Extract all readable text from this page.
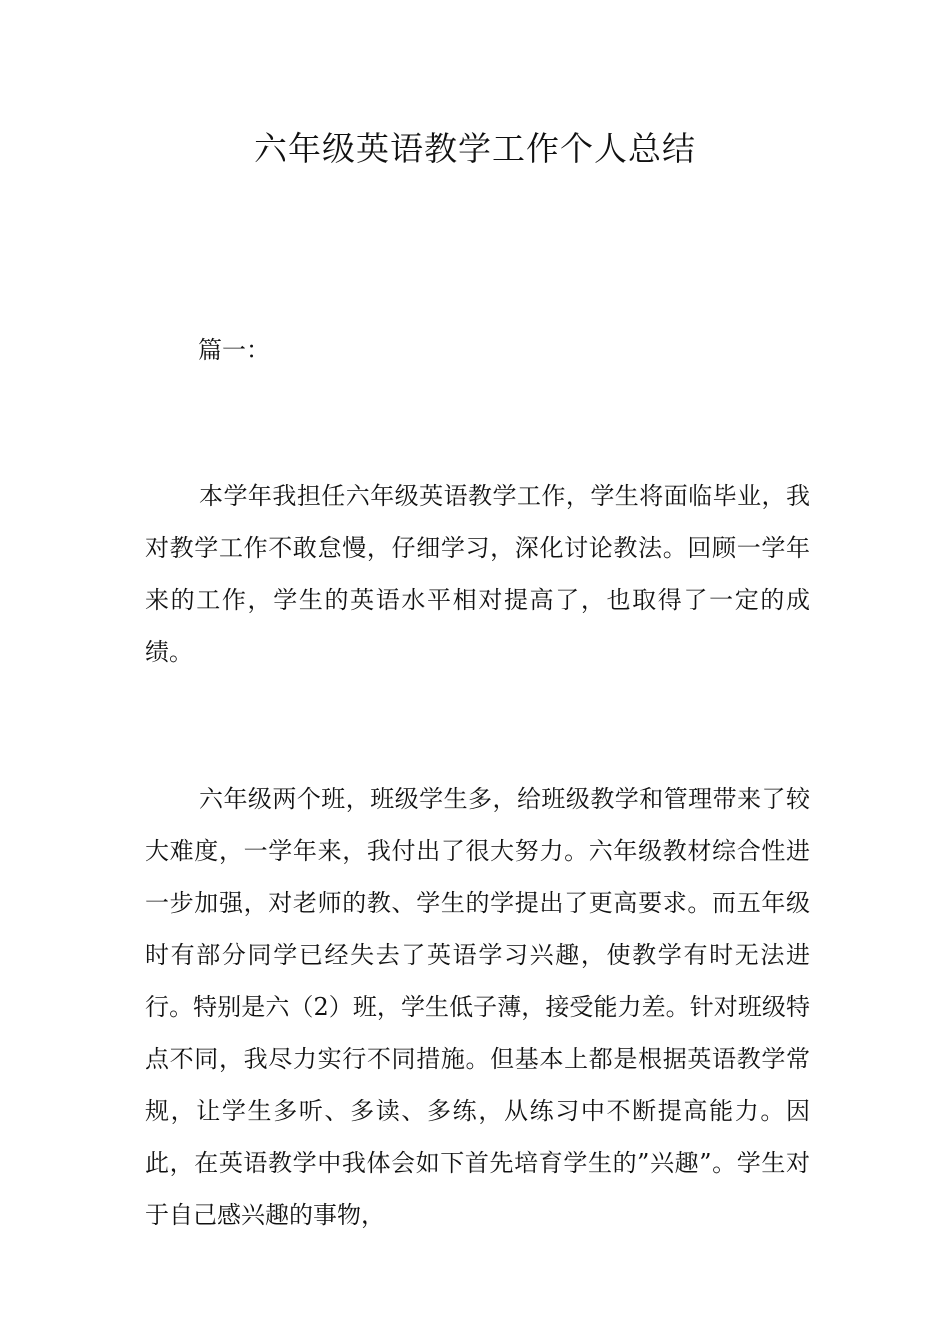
六年级英语教学工作个人总结

篇一：

本学年我担任六年级英语教学工作，学生将面临毕业，我对教学工作不敢怠慢，仔细学习，深化讨论教法。回顾一学年来的工作，学生的英语水平相对提高了，也取得了一定的成绩。

六年级两个班，班级学生多，给班级教学和管理带来了较大难度，一学年来，我付出了很大努力。六年级教材综合性进一步加强，对老师的教、学生的学提出了更高要求。而五年级时有部分同学已经失去了英语学习兴趣，使教学有时无法进行。特别是六（2）班，学生低子薄，接受能力差。针对班级特点不同，我尽力实行不同措施。但基本上都是根据英语教学常规，让学生多听、多读、多练，从练习中不断提高能力。因此，在英语教学中我体会如下首先培育学生的”兴趣”。学生对于自己感兴趣的事物，
